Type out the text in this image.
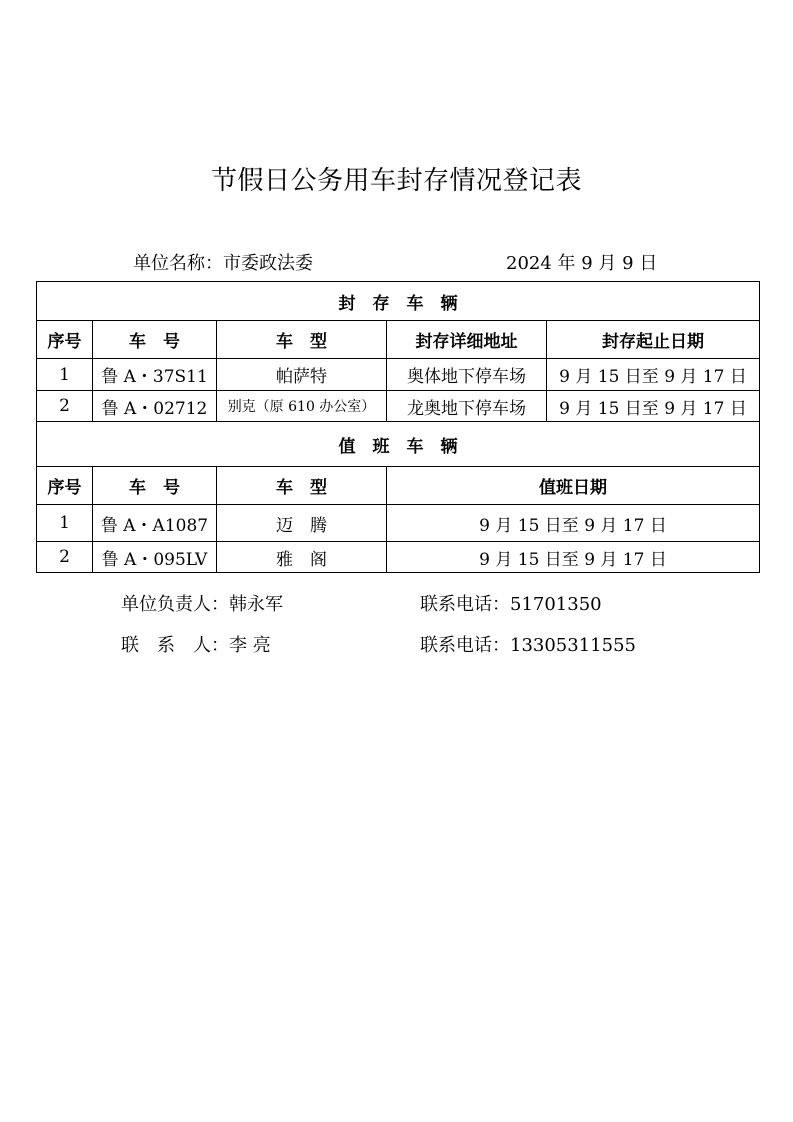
节假日公务用车封存情况登记表
单位名称：市委政法委	2024 年 9 月 9 日
封　存　车　辆				
序号	车　号	车　型	封存详细地址	封存起止日期
1	鲁 A・37S11	帕萨特	奥体地下停车场	9 月 15 日至 9 月 17 日
2	鲁 A・02712	别克（原 610 办公室）	龙奥地下停车场	9 月 15 日至 9 月 17 日
值　班　车　辆				
序号	车　号	车　型	值班日期	
1	鲁 A・A1087	迈　腾	9 月 15 日至 9 月 17 日	
2	鲁 A・095LV	雅　阁	9 月 15 日至 9 月 17 日	
单位负责人：韩永军	联系电话：51701350
联　系　人：李 亮	联系电话：13305311555
